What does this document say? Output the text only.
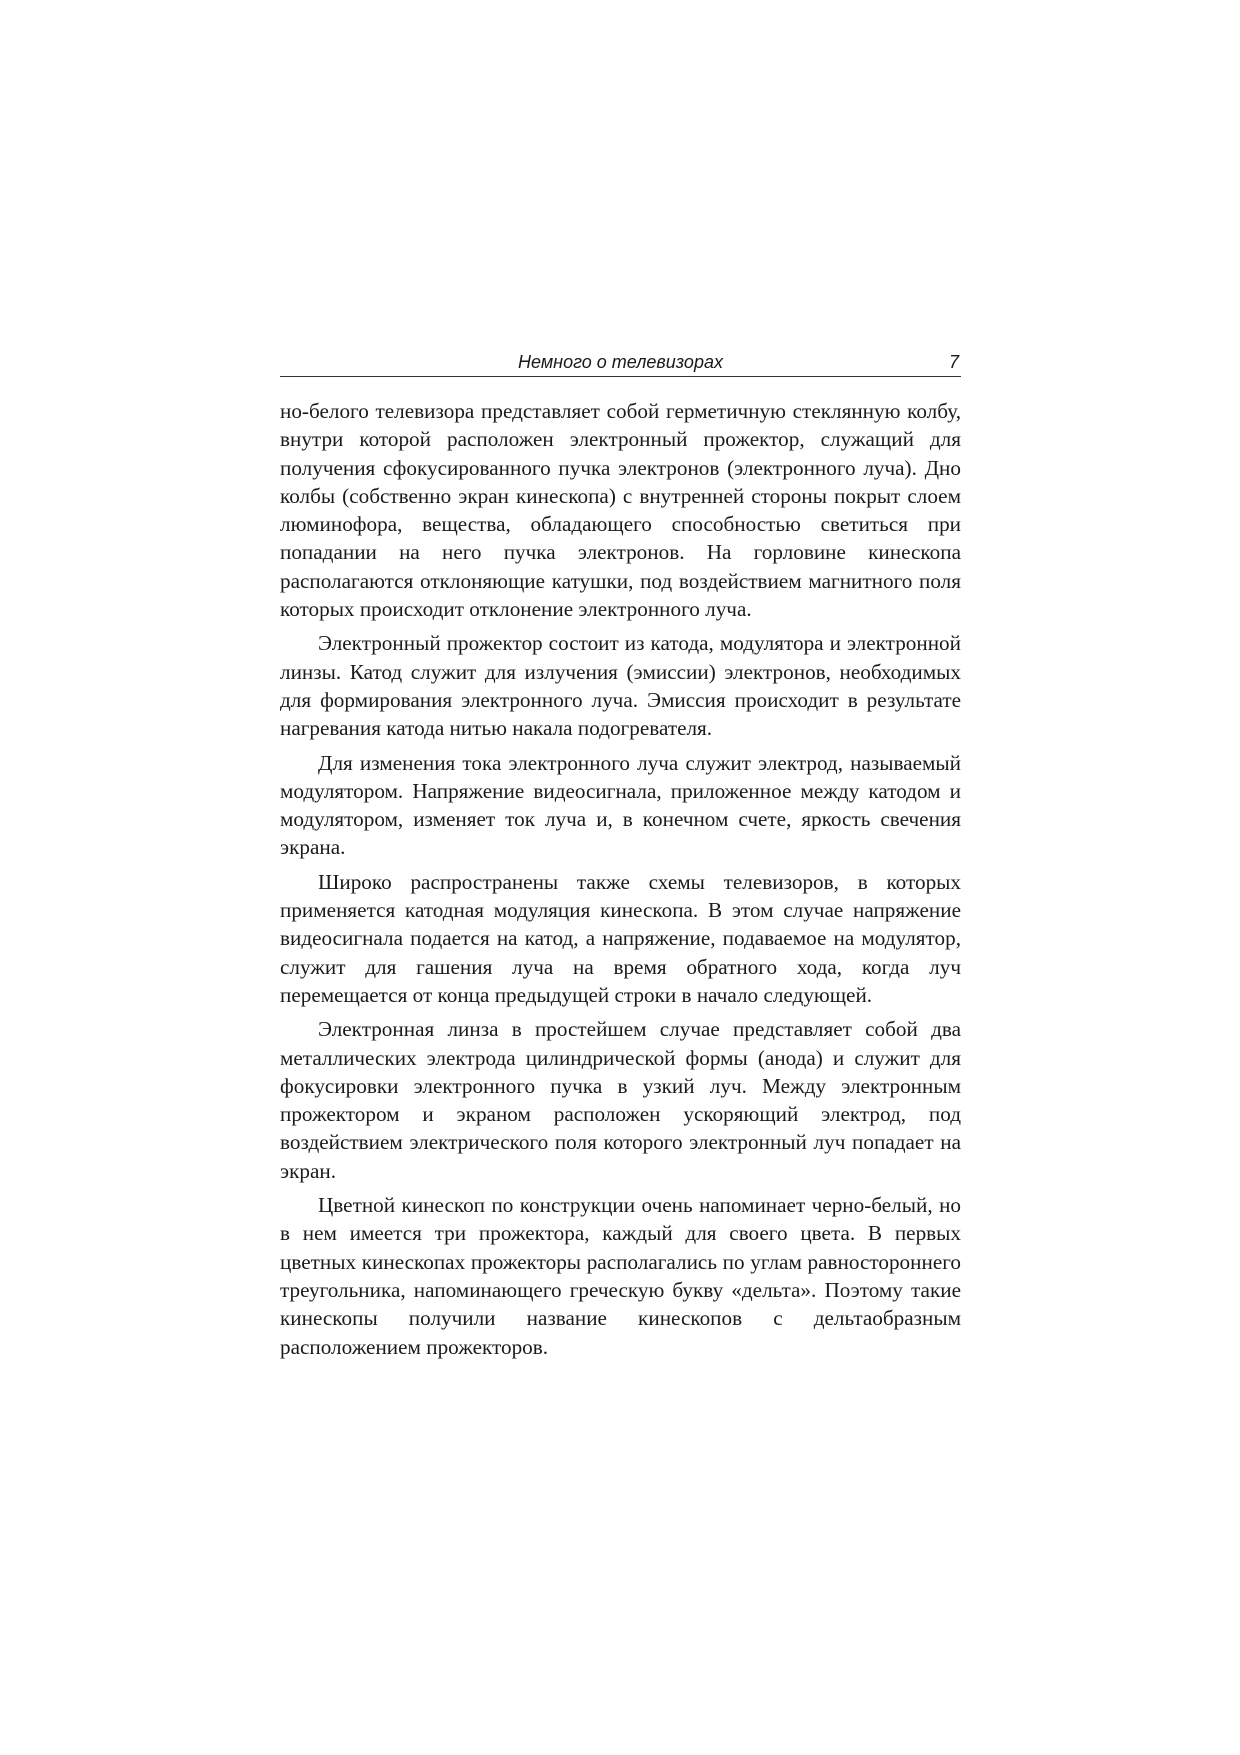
Немного о телевизорах	7

но-белого телевизора представляет собой герметичную стеклянную колбу, внутри которой расположен электронный прожектор, служащий для получения сфокусированного пучка электронов (электронного луча). Дно колбы (собственно экран кинескопа) с внутренней стороны покрыт слоем люминофора, вещества, обладающего способностью светиться при попадании на него пучка электронов. На горловине кинескопа располагаются отклоняющие катушки, под воздействием магнитного поля которых происходит отклонение электронного луча.

Электронный прожектор состоит из катода, модулятора и электронной линзы. Катод служит для излучения (эмиссии) электронов, необходимых для формирования электронного луча. Эмиссия происходит в результате нагревания катода нитью накала подогревателя.

Для изменения тока электронного луча служит электрод, называемый модулятором. Напряжение видеосигнала, приложенное между катодом и модулятором, изменяет ток луча и, в конечном счете, яркость свечения экрана.

Широко распространены также схемы телевизоров, в которых применяется катодная модуляция кинескопа. В этом случае напряжение видеосигнала подается на катод, а напряжение, подаваемое на модулятор, служит для гашения луча на время обратного хода, когда луч перемещается от конца предыдущей строки в начало следующей.

Электронная линза в простейшем случае представляет собой два металлических электрода цилиндрической формы (анода) и служит для фокусировки электронного пучка в узкий луч. Между электронным прожектором и экраном расположен ускоряющий электрод, под воздействием электрического поля которого электронный луч попадает на экран.

Цветной кинескоп по конструкции очень напоминает черно-белый, но в нем имеется три прожектора, каждый для своего цвета. В первых цветных кинескопах прожекторы располагались по углам равностороннего треугольника, напоминающего греческую букву «дельта». Поэтому такие кинескопы получили название кинескопов с дельтаобразным расположением прожекторов.
